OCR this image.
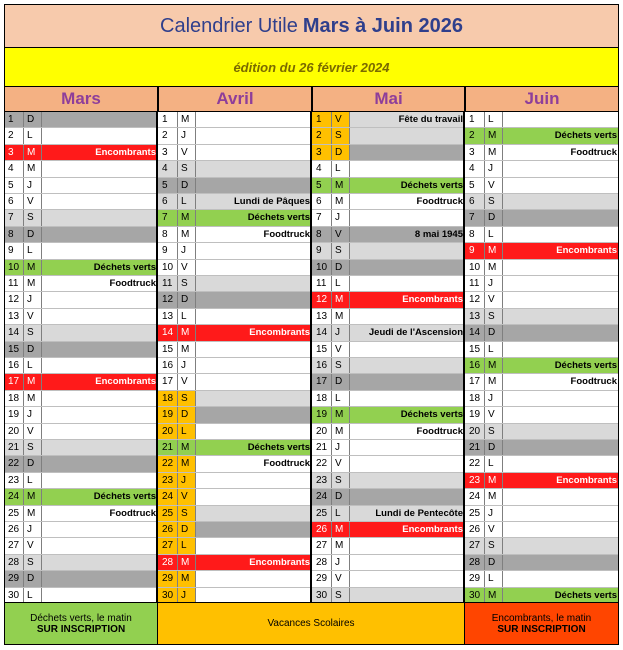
Calendrier Utile Mars à Juin 2026
édition du 26 février 2024
Mars	Avril	Mai	Juin
1	D
2	L
3	M	Encombrants
4	M
5	J
6	V
7	S
8	D
9	L
10 M	Déchets verts
11 M	Foodtruck
12 J
13 V
14 S
15 D
16 L
17 M	Encombrants
18 M
19 J
20 V
21 S
22 D
23 L
24 M	Déchets verts
25 M	Foodtruck
26 J
27 V
28 S
29 D
30 L
1	M
2	J
3	V
4	S
5	D
6	L	Lundi de Pâques
7	M	Déchets verts
8	M	Foodtruck
9	J
10 V
11 S
12 D
13 L
14 M	Encombrants
15 M
16 J
17 V
18 S
19 D
20 L
21 M	Déchets verts
22 M	Foodtruck
23 J
24 V
25 S
26 D
27 L
28 M	Encombrants
29 M
30 J
1	V	Fête du travail
2	S
3	D
4	L
5	M	Déchets verts
6	M	Foodtruck
7	J
8	V	8 mai 1945
9	S
10 D
11 L
12 M	Encombrants
13 M
14 J	Jeudi de l'Ascension
15 V
16 S
17 D
18 L
19 M	Déchets verts
20 M	Foodtruck
21 J
22 V
23 S
24 D
25 L	Lundi de Pentecôte
26 M	Encombrants
27 M
28 J
29 V
30 S
1	L
2	M	Déchets verts
3	M	Foodtruck
4	J
5	V
6	S
7	D
8	L
9	M	Encombrants
10 M
11 J
12 V
13 S
14 D
15 L
16 M	Déchets verts
17 M	Foodtruck
18 J
19 V
20 S
21 D
22 L
23 M	Encombrants
24 M
25 J
26 V
27 S
28 D
29 L
30 M	Déchets verts
Déchets verts, le matin
SUR INSCRIPTION	Vacances Scolaires	Encombrants, le matin
SUR INSCRIPTION
